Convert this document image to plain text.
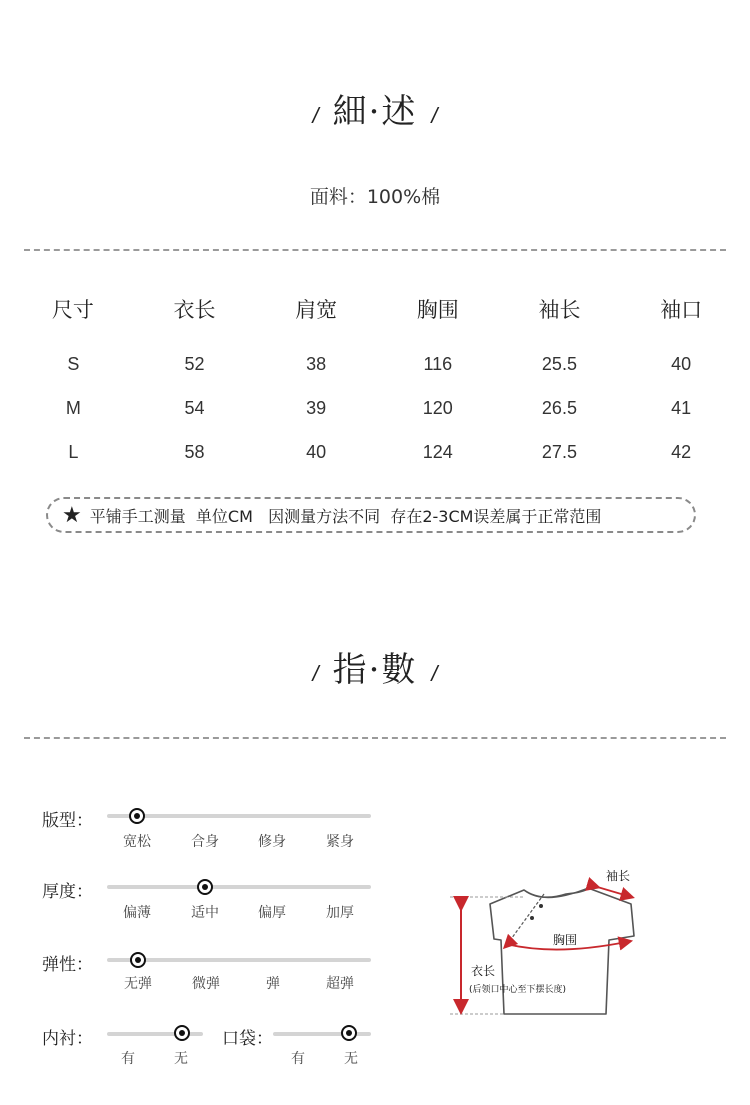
/ 細·述 /
面料：100%棉
尺寸	衣长	肩宽	胸围	袖长	袖口

S	52	38	116	25.5	40
M	54	39	120	26.5	41
L	58	40	124	27.5	42
★ 平铺手工测量  单位CM   因测量方法不同  存在2-3CM误差属于正常范围
/ 指·數 /
版型：
宽松	合身	修身	紧身
厚度：
偏薄	适中	偏厚	加厚
弹性：
无弹	微弹	弹	超弹
内衬：
有	无
口袋：
有	无
袖长
胸围
衣长
(后领口中心至下摆长度)
